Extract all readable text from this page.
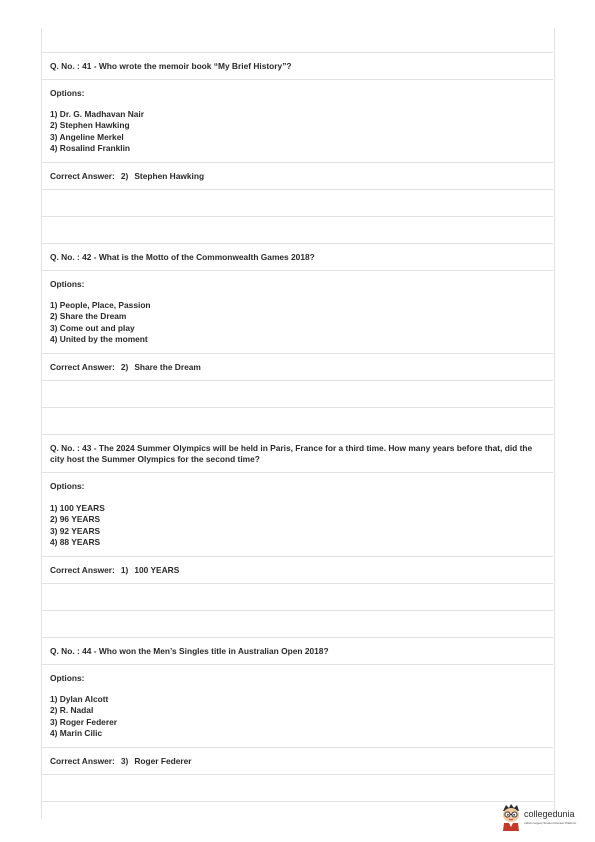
Q. No. : 41 - Who wrote the memoir book “My Brief History”?
Options:
1) Dr. G. Madhavan Nair
2) Stephen Hawking
3) Angeline Merkel
4) Rosalind Franklin
Correct Answer: 2) Stephen Hawking
Q. No. : 42 - What is the Motto of the Commonwealth Games 2018?
Options:
1) People, Place, Passion
2) Share the Dream
3) Come out and play
4) United by the moment
Correct Answer: 2) Share the Dream
Q. No. : 43 - The 2024 Summer Olympics will be held in Paris, France for a third time. How many years before that, did the city host the Summer Olympics for the second time?
Options:
1) 100 YEARS
2) 96 YEARS
3) 92 YEARS
4) 88 YEARS
Correct Answer: 1) 100 YEARS
Q. No. : 44 - Who won the Men’s Singles title in Australian Open 2018?
Options:
1) Dylan Alcott
2) R. Nadal
3) Roger Federer
4) Marin Cilic
Correct Answer: 3) Roger Federer
collegedunia
India's largest Student Review Platform
